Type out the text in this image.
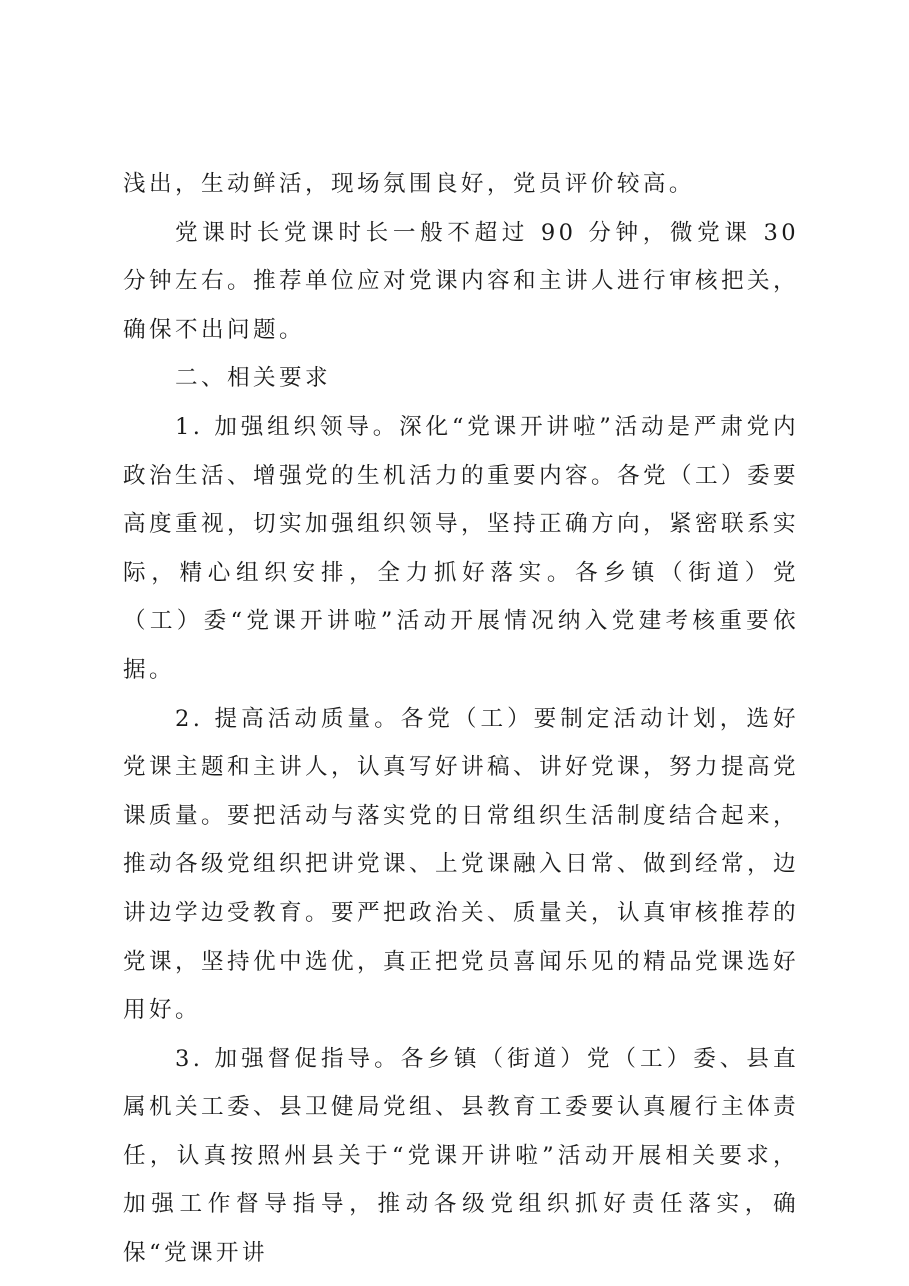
浅出，生动鲜活，现场氛围良好，党员评价较高。

党课时长党课时长一般不超过 90 分钟，微党课 30 分钟左右。推荐单位应对党课内容和主讲人进行审核把关，确保不出问题。

二、相关要求

1. 加强组织领导。深化“党课开讲啦”活动是严肃党内政治生活、增强党的生机活力的重要内容。各党（工）委要高度重视，切实加强组织领导，坚持正确方向，紧密联系实际，精心组织安排，全力抓好落实。各乡镇（街道）党（工）委“党课开讲啦”活动开展情况纳入党建考核重要依据。

2. 提高活动质量。各党（工）要制定活动计划，选好党课主题和主讲人，认真写好讲稿、讲好党课，努力提高党课质量。要把活动与落实党的日常组织生活制度结合起来，推动各级党组织把讲党课、上党课融入日常、做到经常，边讲边学边受教育。要严把政治关、质量关，认真审核推荐的党课，坚持优中选优，真正把党员喜闻乐见的精品党课选好用好。

3. 加强督促指导。各乡镇（街道）党（工）委、县直属机关工委、县卫健局党组、县教育工委要认真履行主体责任，认真按照州县关于“党课开讲啦”活动开展相关要求，加强工作督导指导，推动各级党组织抓好责任落实，确保“党课开讲
